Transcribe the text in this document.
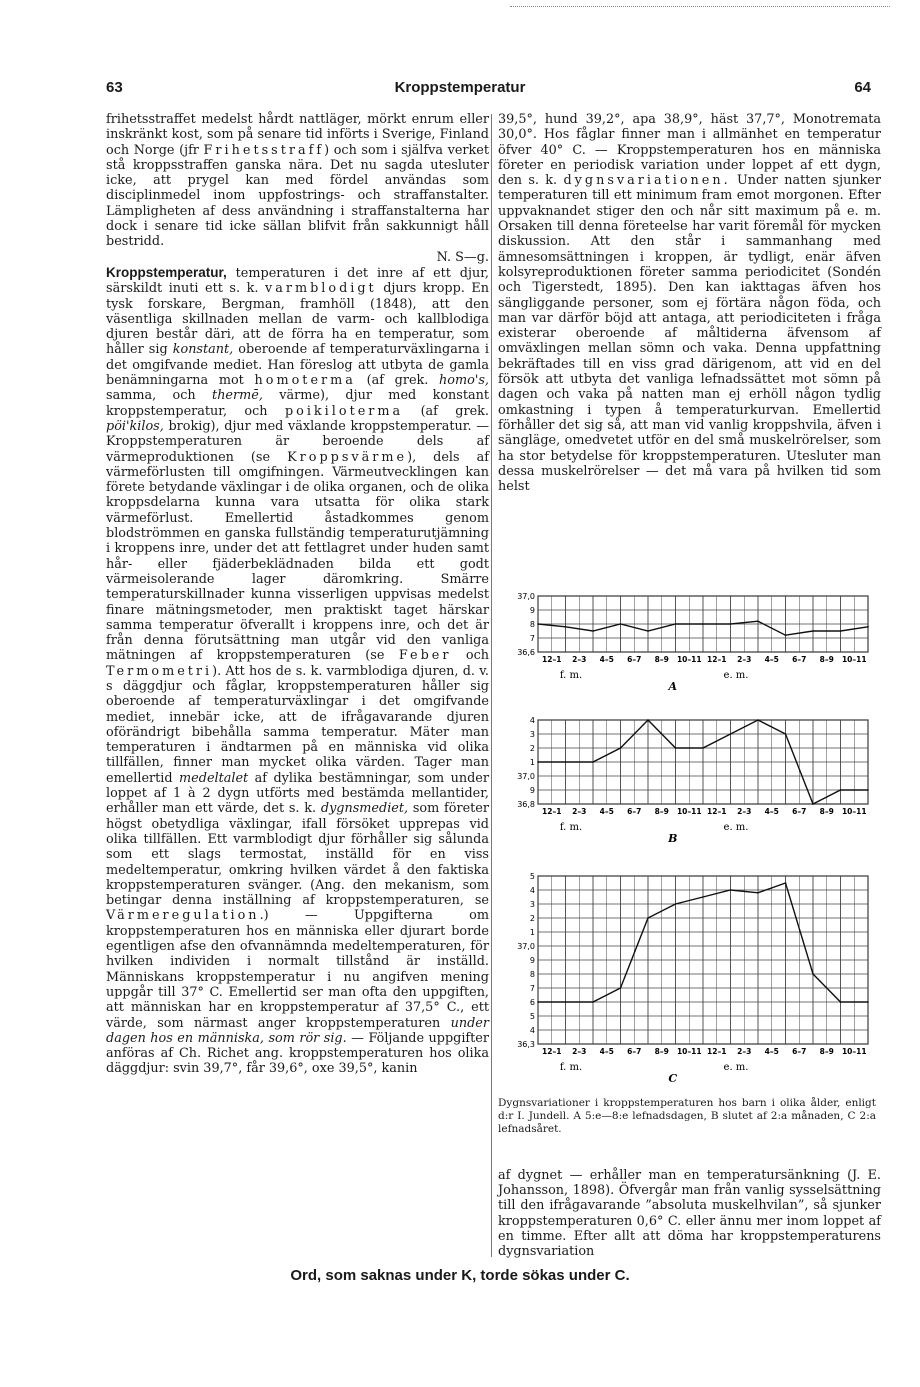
Kroppstemperatur
63	64

frihetsstraffet medelst hårdt nattläger, mörkt enrum eller inskränkt kost, som på senare tid införts i Sverige, Finland och Norge (jfr Frihetsstraff) och som i själfva verket stå kroppsstraffen ganska nära. Det nu sagda utesluter icke, att prygel kan med fördel användas som disciplinmedel inom uppfostrings- och straffanstalter. Lämpligheten af dess användning i straffanstalterna har dock i senare tid icke sällan blifvit från sakkunnigt håll bestridd.
N. S—g.

Kroppstemperatur, temperaturen i det inre af ett djur, särskildt inuti ett s. k. varmblodigt djurs kropp. En tysk forskare, Bergman, framhöll (1848), att den väsentliga skillnaden mellan de varm- och kallblodiga djuren består däri, att de förra ha en temperatur, som håller sig konstant, oberoende af temperaturväxlingarna i det omgifvande mediet. Han föreslog att utbyta de gamla benämningarna mot homoterma (af grek. homo's, samma, och thermē, värme), djur med konstant kroppstemperatur, och poikiloterma (af grek. pöi'kilos, brokig), djur med växlande kroppstemperatur. — Kroppstemperaturen är beroende dels af värmeproduktionen (se Kroppsvärme), dels af värmeförlusten till omgifningen. Värmeutvecklingen kan förete betydande växlingar i de olika organen, och de olika kroppsdelarna kunna vara utsatta för olika stark värmeförlust. Emellertid åstadkommes genom blodströmmen en ganska fullständig temperaturutjämning i kroppens inre, under det att fettlagret under huden samt hår- eller fjäderbeklädnaden bilda ett godt värmeisolerande lager däromkring. Smärre temperaturskillnader kunna visserligen uppvisas medelst finare mätningsmetoder, men praktiskt taget härskar samma temperatur öfverallt i kroppens inre, och det är från denna förutsättning man utgår vid den vanliga mätningen af kroppstemperaturen (se Feber och Termometri). Att hos de s. k. varmblodiga djuren, d. v. s däggdjur och fåglar, kroppstemperaturen håller sig oberoende af temperaturväxlingar i det omgifvande mediet, innebär icke, att de ifrågavarande djuren oförändrigt bibehålla samma temperatur. Mäter man temperaturen i ändtarmen på en människa vid olika tillfällen, finner man mycket olika värden. Tager man emellertid medeltalet af dylika bestämningar, som under loppet af 1 à 2 dygn utförts med bestämda mellantider, erhåller man ett värde, det s. k. dygnsmediet, som företer högst obetydliga växlingar, ifall försöket upprepas vid olika tillfällen. Ett varmblodigt djur förhåller sig sålunda som ett slags termostat, inställd för en viss medeltemperatur, omkring hvilken värdet å den faktiska kroppstemperaturen svänger. (Ang. den mekanism, som betingar denna inställning af kroppstemperaturen, se Värmeregulation.) — Uppgifterna om kroppstemperaturen hos en människa eller djurart borde egentligen afse den ofvannämnda medeltemperaturen, för hvilken individen i normalt tillstånd är inställd. Människans kroppstemperatur i nu angifven mening uppgår till 37° C. Emellertid ser man ofta den uppgiften, att människan har en kroppstemperatur af 37,5° C., ett värde, som närmast anger kroppstemperaturen under dagen hos en människa, som rör sig. — Följande uppgifter anföras af Ch. Richet ang. kroppstemperaturen hos olika däggdjur: svin 39,7°, får 39,6°, oxe 39,5°, kanin

39,5°, hund 39,2°, apa 38,9°, häst 37,7°, Monotremata 30,0°. Hos fåglar finner man i allmänhet en temperatur öfver 40° C. — Kroppstemperaturen hos en människa företer en periodisk variation under loppet af ett dygn, den s. k. dygnsvariationen. Under natten sjunker temperaturen till ett minimum fram emot morgonen. Efter uppvaknandet stiger den och når sitt maximum på e. m. Orsaken till denna företeelse har varit föremål för mycken diskussion. Att den står i sammanhang med ämnesomsättningen i kroppen, är tydligt, enär äfven kolsyreproduktionen företer samma periodicitet (Sondén och Tigerstedt, 1895). Den kan iakttagas äfven hos sängliggande personer, som ej förtära någon föda, och man var därför böjd att antaga, att periodiciteten i fråga existerar oberoende af måltiderna äfvensom af omväxlingen mellan sömn och vaka. Denna uppfattning bekräftades till en viss grad därigenom, att vid en del försök att utbyta det vanliga lefnadssättet mot sömn på dagen och vaka på natten man ej erhöll någon tydlig omkastning i typen å temperaturkurvan. Emellertid förhåller det sig så, att man vid vanlig kroppshvila, äfven i sängläge, omedvetet utför en del små muskelrörelser, som ha stor betydelse för kroppstemperaturen. Utesluter man dessa muskelrörelser — det må vara på hvilken tid som helst

37,0
9
8
7
36,6
12–1 2–3 4–5 6–7 8–9 10–11 12–1 2–3 4–5 6–7 8–9 10–11
f. m.	e. m.
A
4
3
2
1
37,0
9
36,8
12–1 2–3 4–5 6–7 8–9 10–11 12–1 2–3 4–5 6–7 8–9 10–11
f. m.	e. m.
B
5
4
3
2
1
37,0
9
8
7
6
5
4
36,3
12–1 2–3 4–5 6–7 8–9 10–11 12–1 2–3 4–5 6–7 8–9 10–11
f. m.	e. m.
C
Dygnsvariationer i kroppstemperaturen hos barn i olika ålder, enligt d:r I. Jundell. A 5:e—8:e lefnadsdagen, B slutet af 2:a månaden, C 2:a lefnadsåret.

af dygnet — erhåller man en temperatursänkning (J. E. Johansson, 1898). Öfvergår man från vanlig sysselsättning till den ifrågavarande ”absoluta muskelhvilan”, så sjunker kroppstemperaturen 0,6° C. eller ännu mer inom loppet af en timme. Efter allt att döma har kroppstemperaturens dygnsvariation

Ord, som saknas under K, torde sökas under C.
